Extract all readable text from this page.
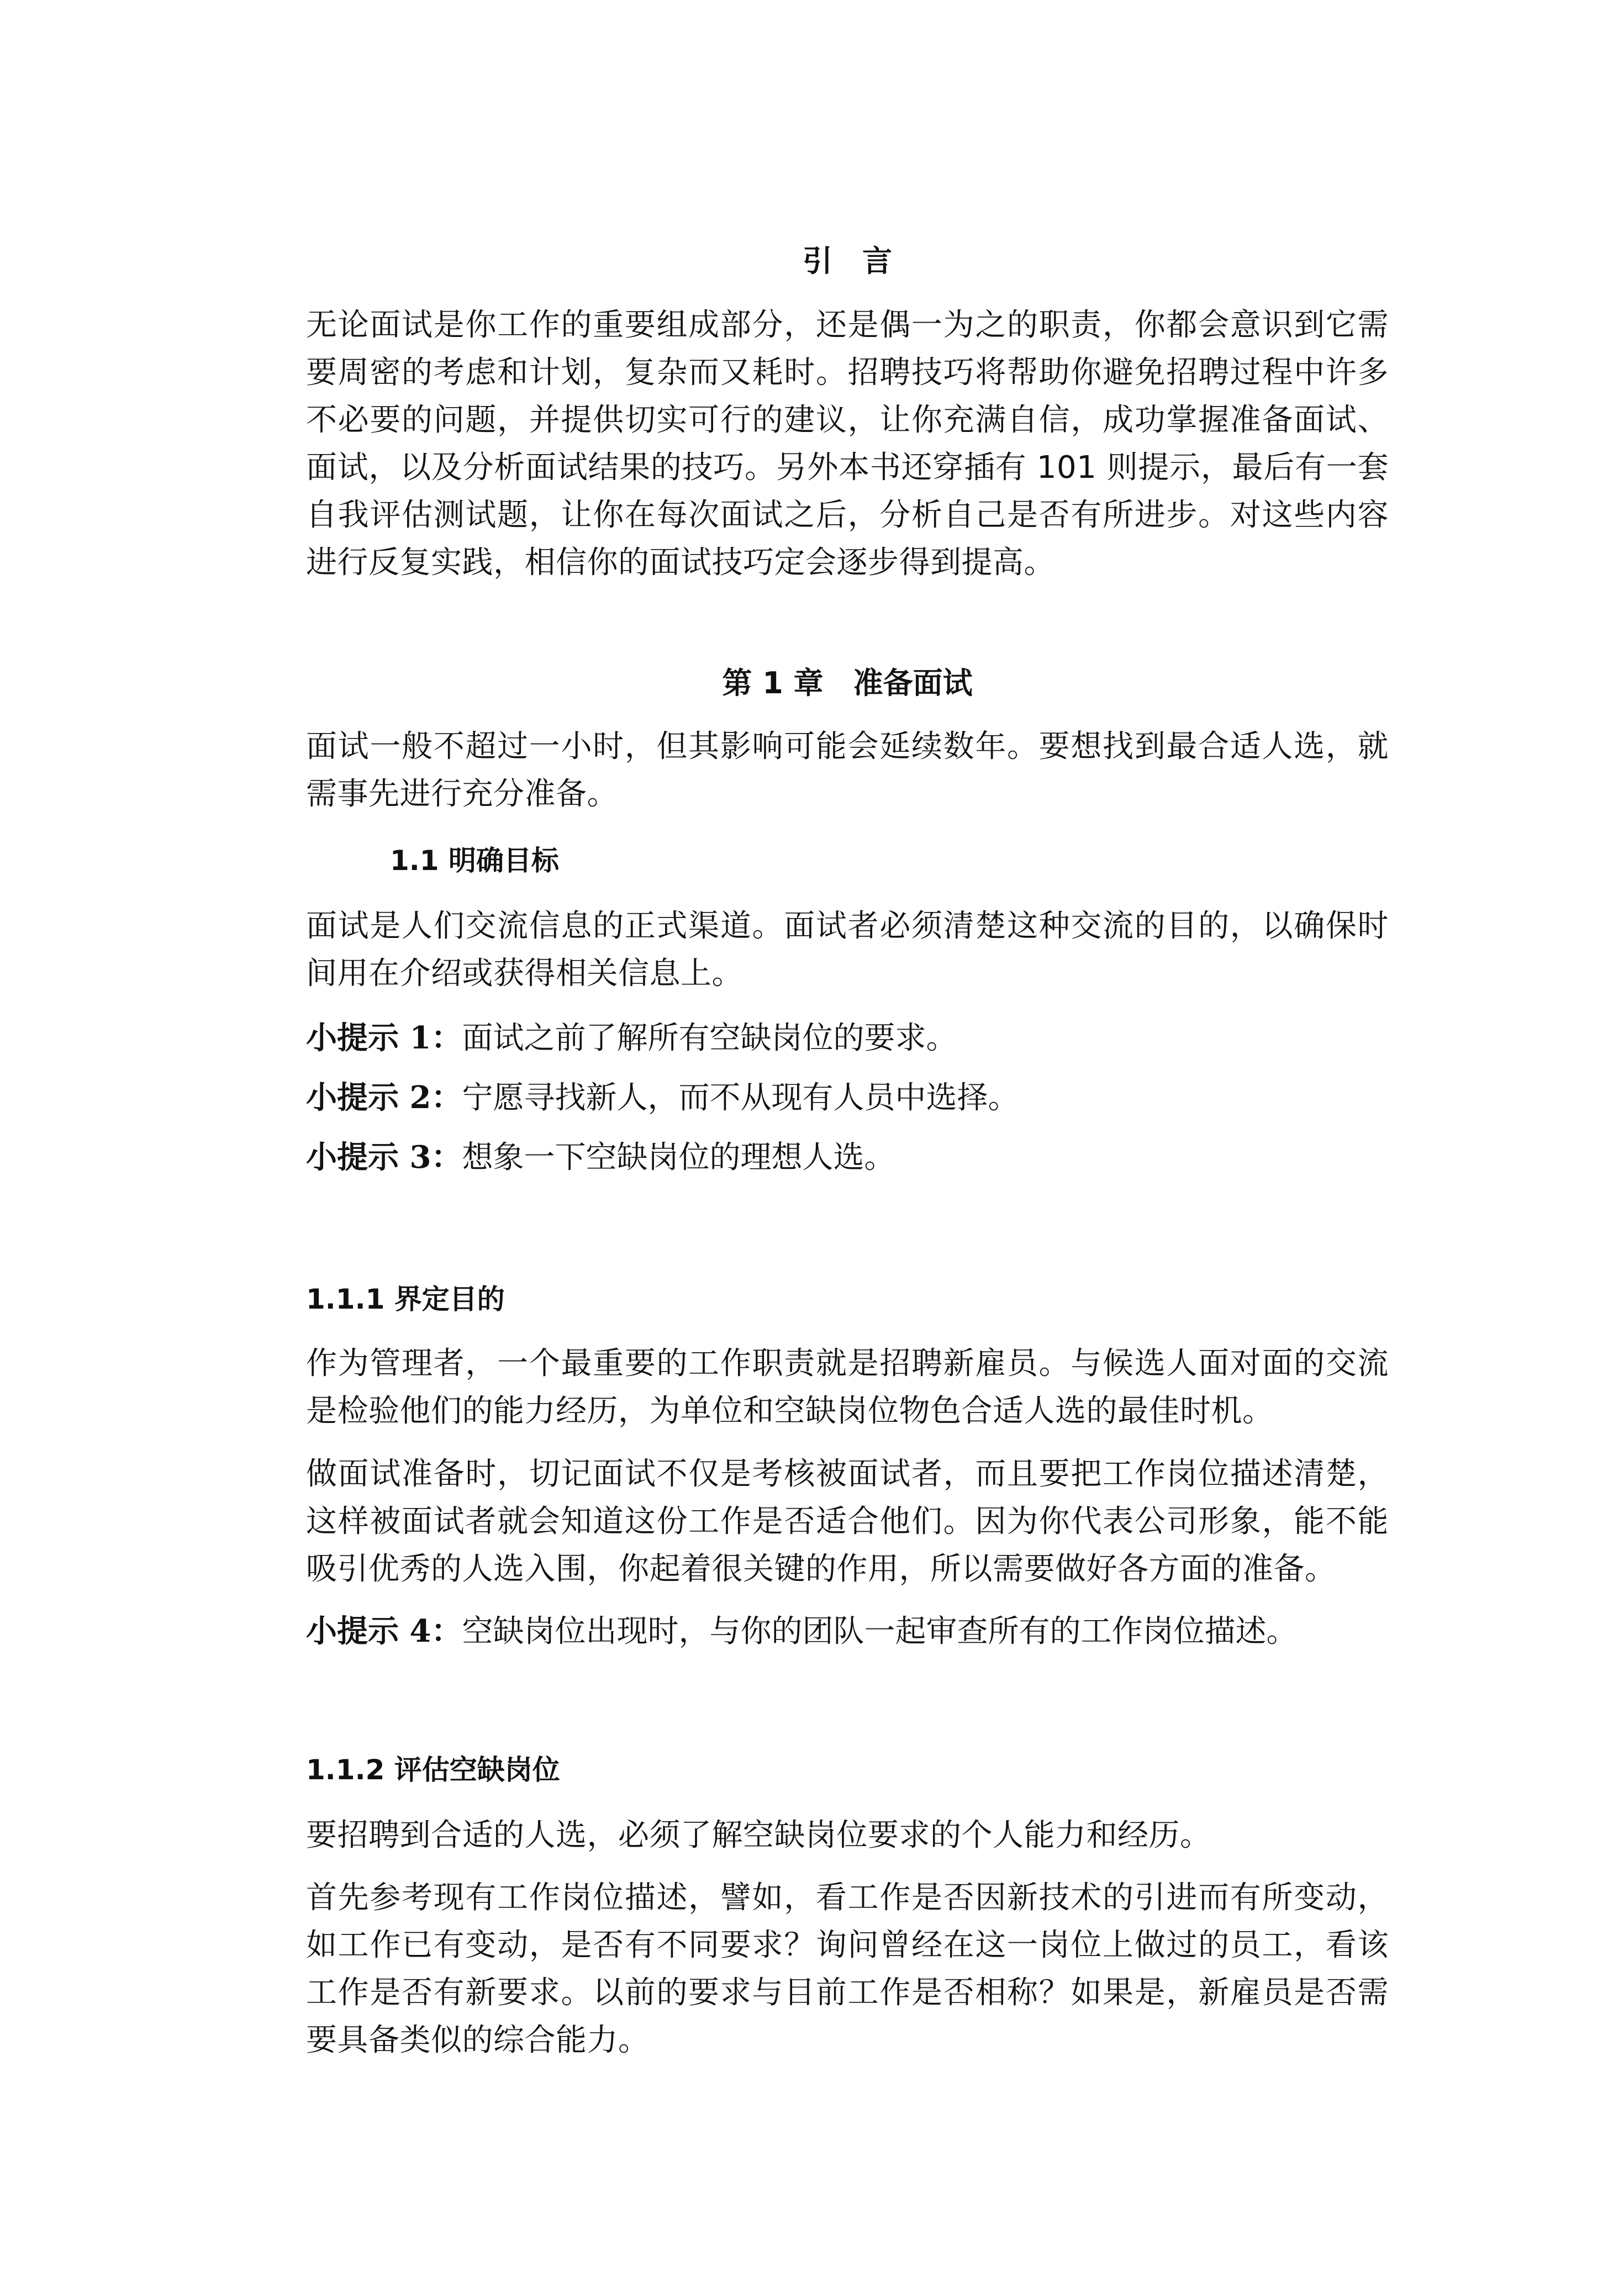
引　言

无论面试是你工作的重要组成部分，还是偶一为之的职责，你都会意识到它需要周密的考虑和计划，复杂而又耗时。招聘技巧将帮助你避免招聘过程中许多不必要的问题，并提供切实可行的建议，让你充满自信，成功掌握准备面试、面试，以及分析面试结果的技巧。另外本书还穿插有 101 则提示，最后有一套自我评估测试题，让你在每次面试之后，分析自己是否有所进步。对这些内容进行反复实践，相信你的面试技巧定会逐步得到提高。

第 1 章　准备面试

面试一般不超过一小时，但其影响可能会延续数年。要想找到最合适人选，就需事先进行充分准备。

1.1 明确目标

面试是人们交流信息的正式渠道。面试者必须清楚这种交流的目的，以确保时间用在介绍或获得相关信息上。

小提示 1：面试之前了解所有空缺岗位的要求。
小提示 2：宁愿寻找新人，而不从现有人员中选择。
小提示 3：想象一下空缺岗位的理想人选。
1.1.1 界定目的

作为管理者，一个最重要的工作职责就是招聘新雇员。与候选人面对面的交流是检验他们的能力经历，为单位和空缺岗位物色合适人选的最佳时机。

做面试准备时，切记面试不仅是考核被面试者，而且要把工作岗位描述清楚，这样被面试者就会知道这份工作是否适合他们。因为你代表公司形象，能不能吸引优秀的人选入围，你起着很关键的作用，所以需要做好各方面的准备。

小提示 4：空缺岗位出现时，与你的团队一起审查所有的工作岗位描述。
1.1.2 评估空缺岗位

要招聘到合适的人选，必须了解空缺岗位要求的个人能力和经历。

首先参考现有工作岗位描述，譬如，看工作是否因新技术的引进而有所变动，如工作已有变动，是否有不同要求？询问曾经在这一岗位上做过的员工，看该工作是否有新要求。以前的要求与目前工作是否相称？如果是，新雇员是否需要具备类似的综合能力。
